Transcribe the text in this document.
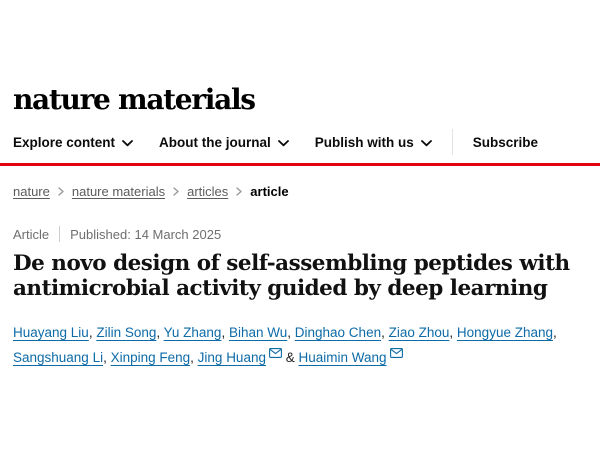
nature materials
Explore content	About the journal	Publish with us	Subscribe
nature nature materials articles article
Article Published: 14 March 2025
De novo design of self-assembling peptides with
antimicrobial activity guided by deep learning
Huayang Liu, Zilin Song, Yu Zhang, Bihan Wu, Dinghao Chen, Ziao Zhou, Hongyue Zhang, Sangshuang Li, Xinping Feng, Jing Huang & Huaimin Wang
